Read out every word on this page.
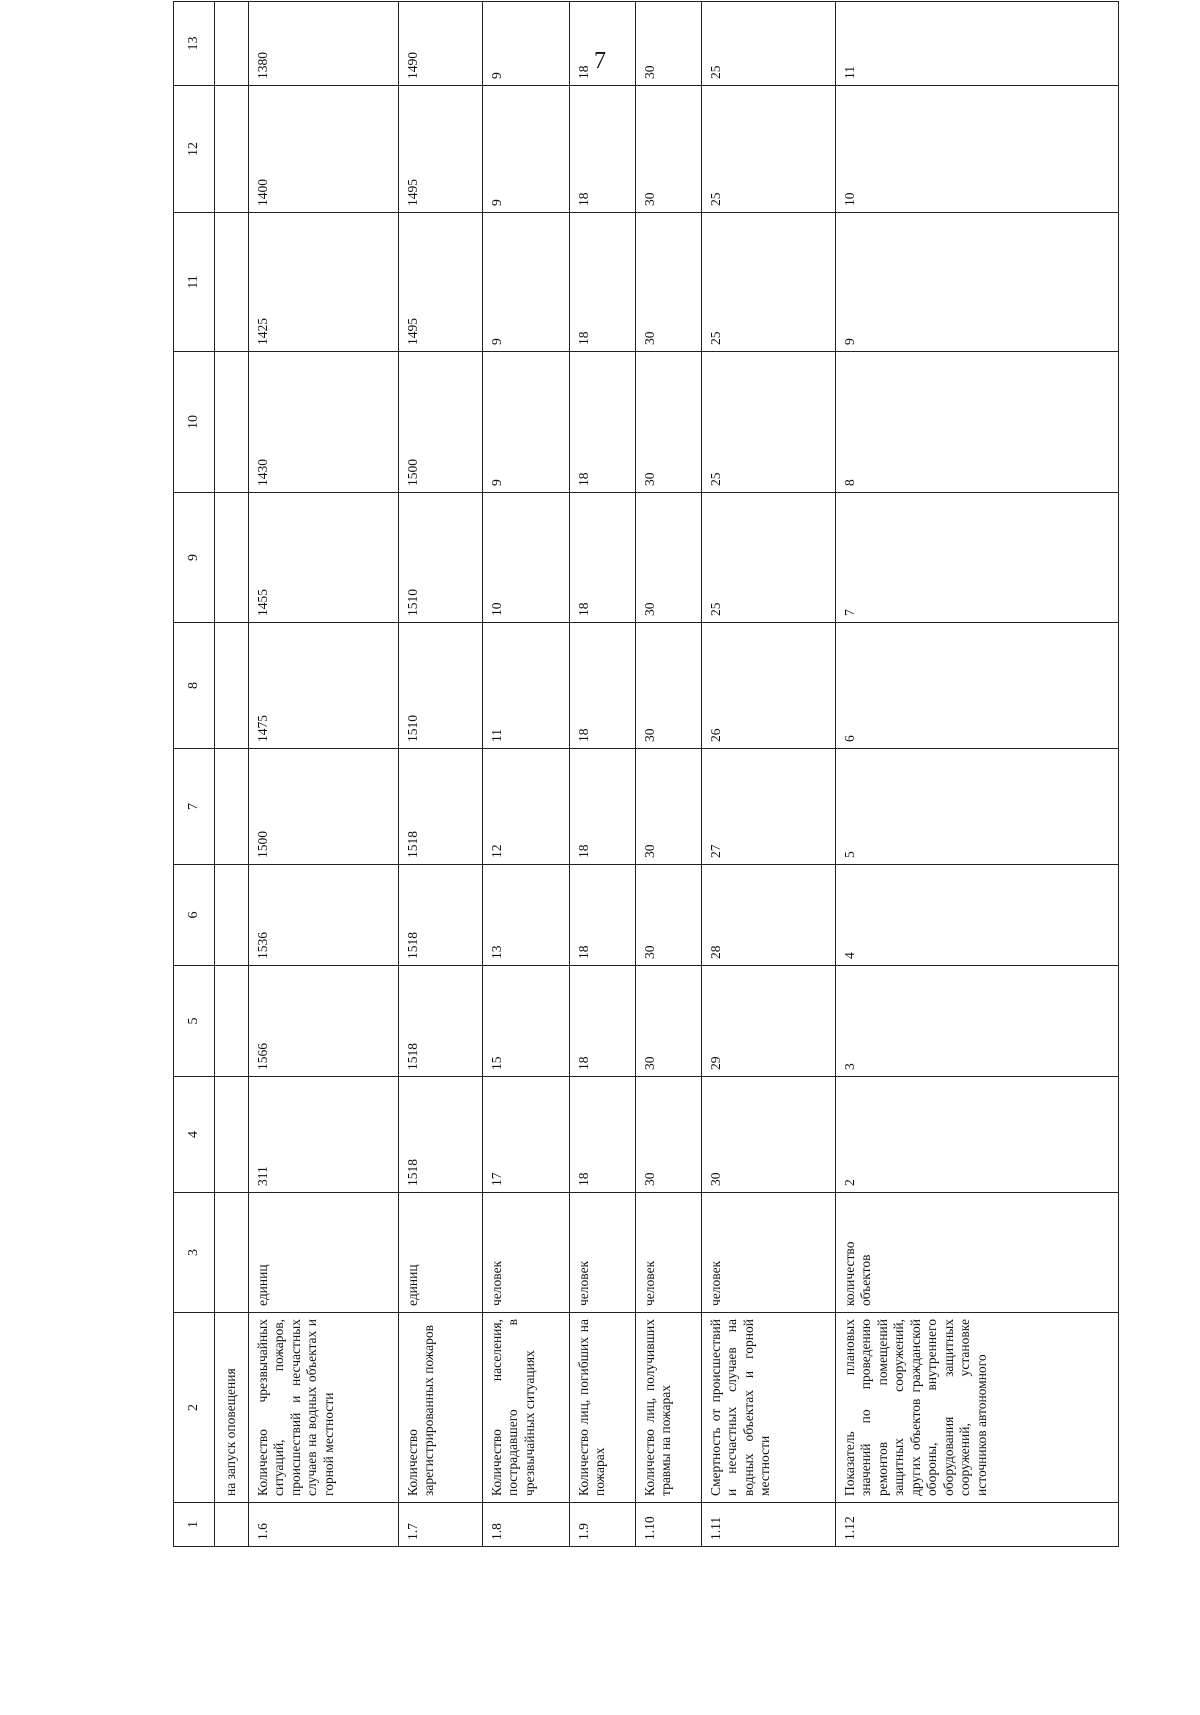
7
1	2	3	4	5	6	7	8	9	10	11	12	13
	на запуск оповещения											
1.6	Количество чрезвычайных ситуаций, пожаров, происшествий и несчастных случаев на водных объектах и горной местности	единиц	311	1566	1536	1500	1475	1455	1430	1425	1400	1380
1.7	Количество зарегистрированных пожаров	единиц	1518	1518	1518	1518	1510	1510	1500	1495	1495	1490
1.8	Количество населения, пострадавшего в чрезвычайных ситуациях	человек	17	15	13	12	11	10	9	9	9	9
1.9	Количество лиц, погибших на пожарах	человек	18	18	18	18	18	18	18	18	18	18
1.10	Количество лиц, получивших травмы на пожарах	человек	30	30	30	30	30	30	30	30	30	30
1.11	Смертность от происшествий и несчастных случаев на водных объектах и горной местности	человек	30	29	28	27	26	25	25	25	25	25
1.12	Показатель плановых значений по проведению ремонтов помещений защитных сооружений, других объектов гражданской обороны, внутреннего оборудования защитных сооружений, установке источников автономного	количество объектов	2	3	4	5	6	7	8	9	10	11
